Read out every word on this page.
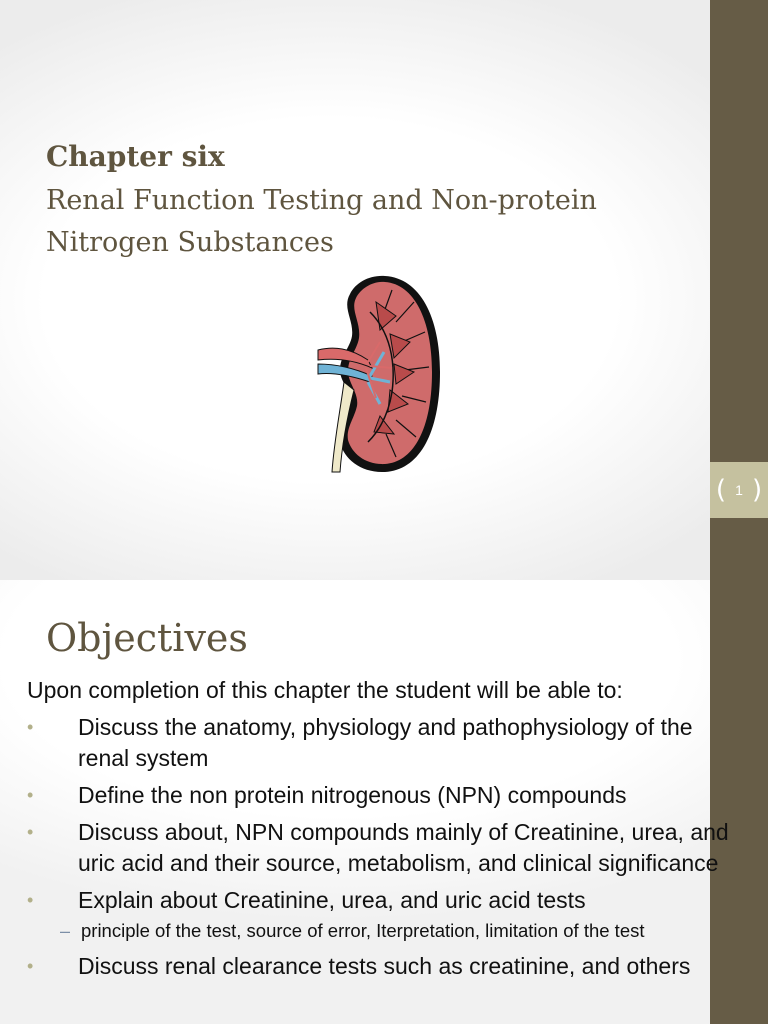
( 1 )
Chapter six
Renal Function Testing and Non-protein Nitrogen Substances
Objectives
Upon completion of this chapter the student will be able to:
• Discuss the anatomy, physiology and pathophysiology of the renal system
• Define the non protein nitrogenous (NPN) compounds
• Discuss about, NPN compounds mainly of Creatinine, urea, and uric acid and their source, metabolism, and clinical significance
• Explain about Creatinine, urea, and uric acid tests
– principle of the test, source of error, Iterpretation, limitation of the test
• Discuss renal clearance tests such as creatinine, and others
